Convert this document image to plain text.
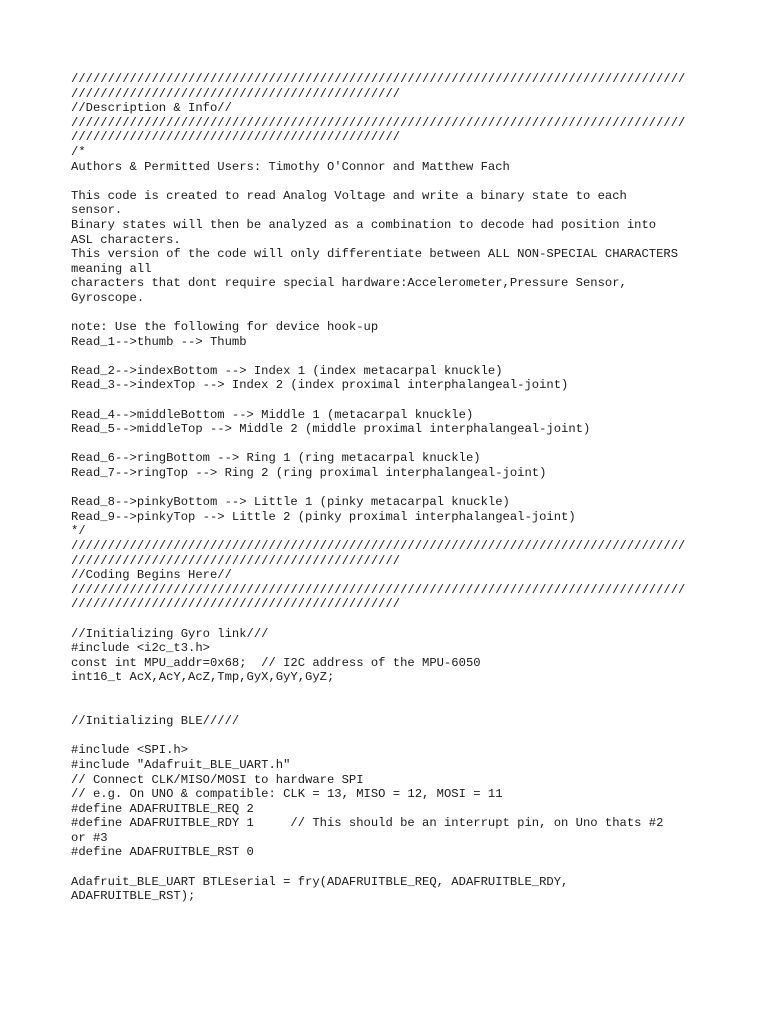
////////////////////////////////////////////////////////////////////////////////////
/////////////////////////////////////////////
//Description & Info//
////////////////////////////////////////////////////////////////////////////////////
/////////////////////////////////////////////
/*
Authors & Permitted Users: Timothy O'Connor and Matthew Fach
This code is created to read Analog Voltage and write a binary state to each
sensor.
Binary states will then be analyzed as a combination to decode had position into
ASL characters.
This version of the code will only differentiate between ALL NON-SPECIAL CHARACTERS
meaning all
characters that dont require special hardware:Accelerometer,Pressure Sensor,
Gyroscope.
note: Use the following for device hook-up
Read_1-->thumb --> Thumb
Read_2-->indexBottom --> Index 1 (index metacarpal knuckle)
Read_3-->indexTop --> Index 2 (index proximal interphalangeal-joint)
Read_4-->middleBottom --> Middle 1 (metacarpal knuckle)
Read_5-->middleTop --> Middle 2 (middle proximal interphalangeal-joint)
Read_6-->ringBottom --> Ring 1 (ring metacarpal knuckle)
Read_7-->ringTop --> Ring 2 (ring proximal interphalangeal-joint)
Read_8-->pinkyBottom --> Little 1 (pinky metacarpal knuckle)
Read_9-->pinkyTop --> Little 2 (pinky proximal interphalangeal-joint)
*/
////////////////////////////////////////////////////////////////////////////////////
/////////////////////////////////////////////
//Coding Begins Here//
////////////////////////////////////////////////////////////////////////////////////
/////////////////////////////////////////////
//Initializing Gyro link///
#include <i2c_t3.h>
const int MPU_addr=0x68;  // I2C address of the MPU-6050
int16_t AcX,AcY,AcZ,Tmp,GyX,GyY,GyZ;
//Initializing BLE/////
#include <SPI.h>
#include "Adafruit_BLE_UART.h"
// Connect CLK/MISO/MOSI to hardware SPI
// e.g. On UNO & compatible: CLK = 13, MISO = 12, MOSI = 11
#define ADAFRUITBLE_REQ 2
#define ADAFRUITBLE_RDY 1     // This should be an interrupt pin, on Uno thats #2
or #3
#define ADAFRUITBLE_RST 0
Adafruit_BLE_UART BTLEserial = fry(ADAFRUITBLE_REQ, ADAFRUITBLE_RDY,
ADAFRUITBLE_RST);
